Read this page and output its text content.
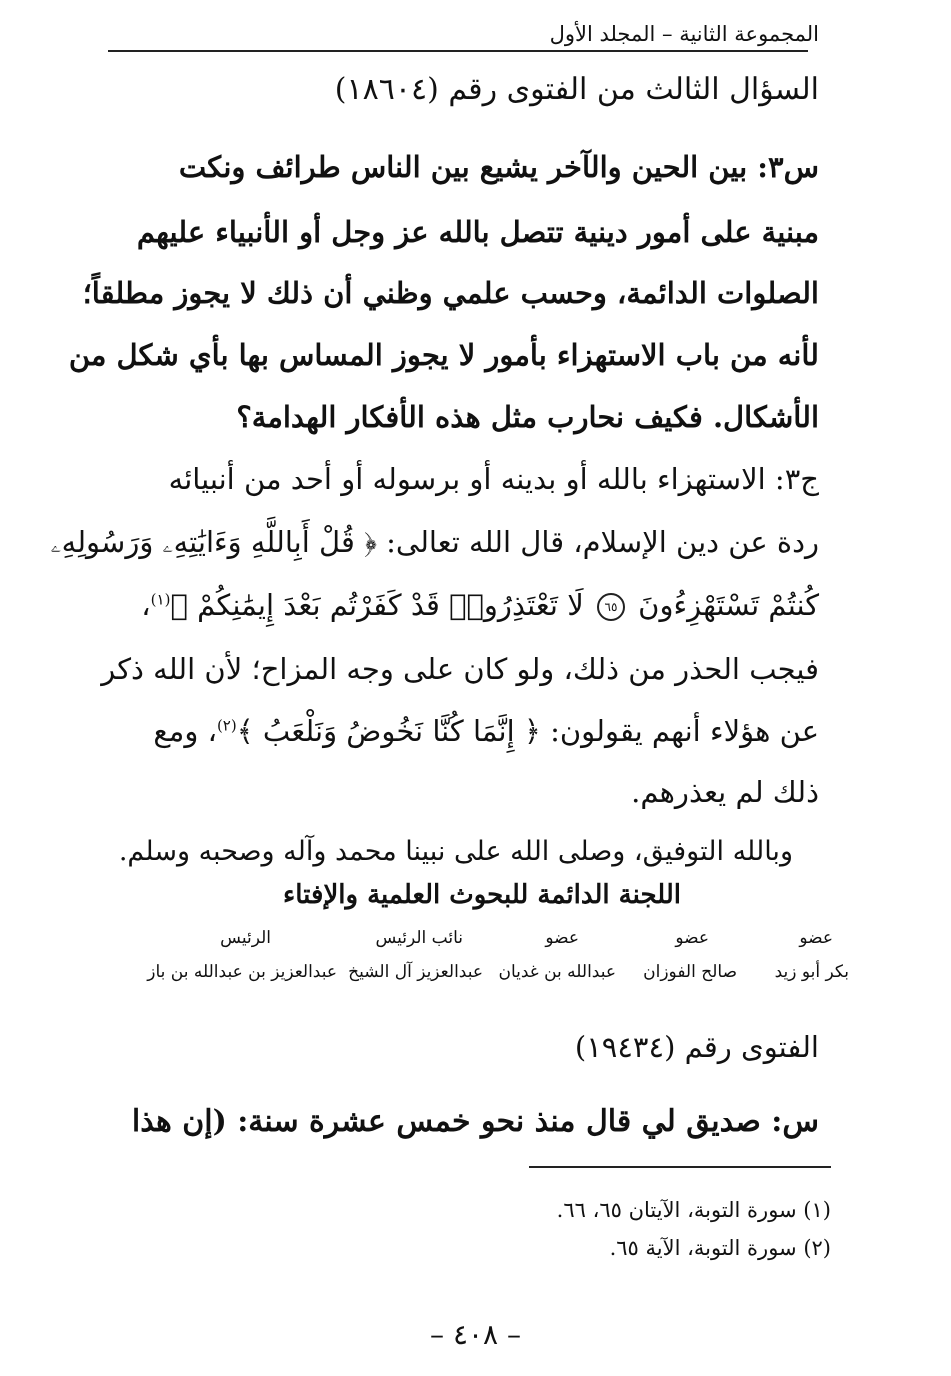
المجموعة الثانية – المجلد الأول
السؤال الثالث من الفتوى رقم (١٨٦٠٤)
س٣: بين الحين والآخر يشيع بين الناس طرائف ونكت
مبنية على أمور دينية تتصل بالله عز وجل أو الأنبياء عليهم
الصلوات الدائمة، وحسب علمي وظني أن ذلك لا يجوز مطلقاً؛
لأنه من باب الاستهزاء بأمور لا يجوز المساس بها بأي شكل من
الأشكال. فكيف نحارب مثل هذه الأفكار الهدامة؟
ج٣: الاستهزاء بالله أو بدينه أو برسوله أو أحد من أنبيائه
ردة عن دين الإسلام، قال الله تعالى: ﴿ قُلْ أَبِاللَّهِ وَءَايَٰتِهِۦ وَرَسُولِهِۦ
كُنتُمْ تَسْتَهْزِءُونَ ٦٥ لَا تَعْتَذِرُوا۟ قَدْ كَفَرْتُم بَعْدَ إِيمَٰنِكُمْ ﴾$^{(١)}$،
فيجب الحذر من ذلك، ولو كان على وجه المزاح؛ لأن الله ذكر
عن هؤلاء أنهم يقولون: ﴿ إِنَّمَا كُنَّا نَخُوضُ وَنَلْعَبُ ﴾$^{(٢)}$، ومع
ذلك لم يعذرهم.
وبالله التوفيق، وصلى الله على نبينا محمد وآله وصحبه وسلم.
اللجنة الدائمة للبحوث العلمية والإفتاء
عضو
عضو
عضو
نائب الرئيس
الرئيس
بكر أبو زيد
صالح الفوزان
عبدالله بن غديان
عبدالعزيز آل الشيخ
عبدالعزيز بن عبدالله بن باز
الفتوى رقم (١٩٤٣٤)
س: صديق لي قال منذ نحو خمس عشرة سنة: (إن هذا
(١) سورة التوبة، الآيتان ٦٥، ٦٦.
(٢) سورة التوبة، الآية ٦٥.
– ٤٠٨ –
